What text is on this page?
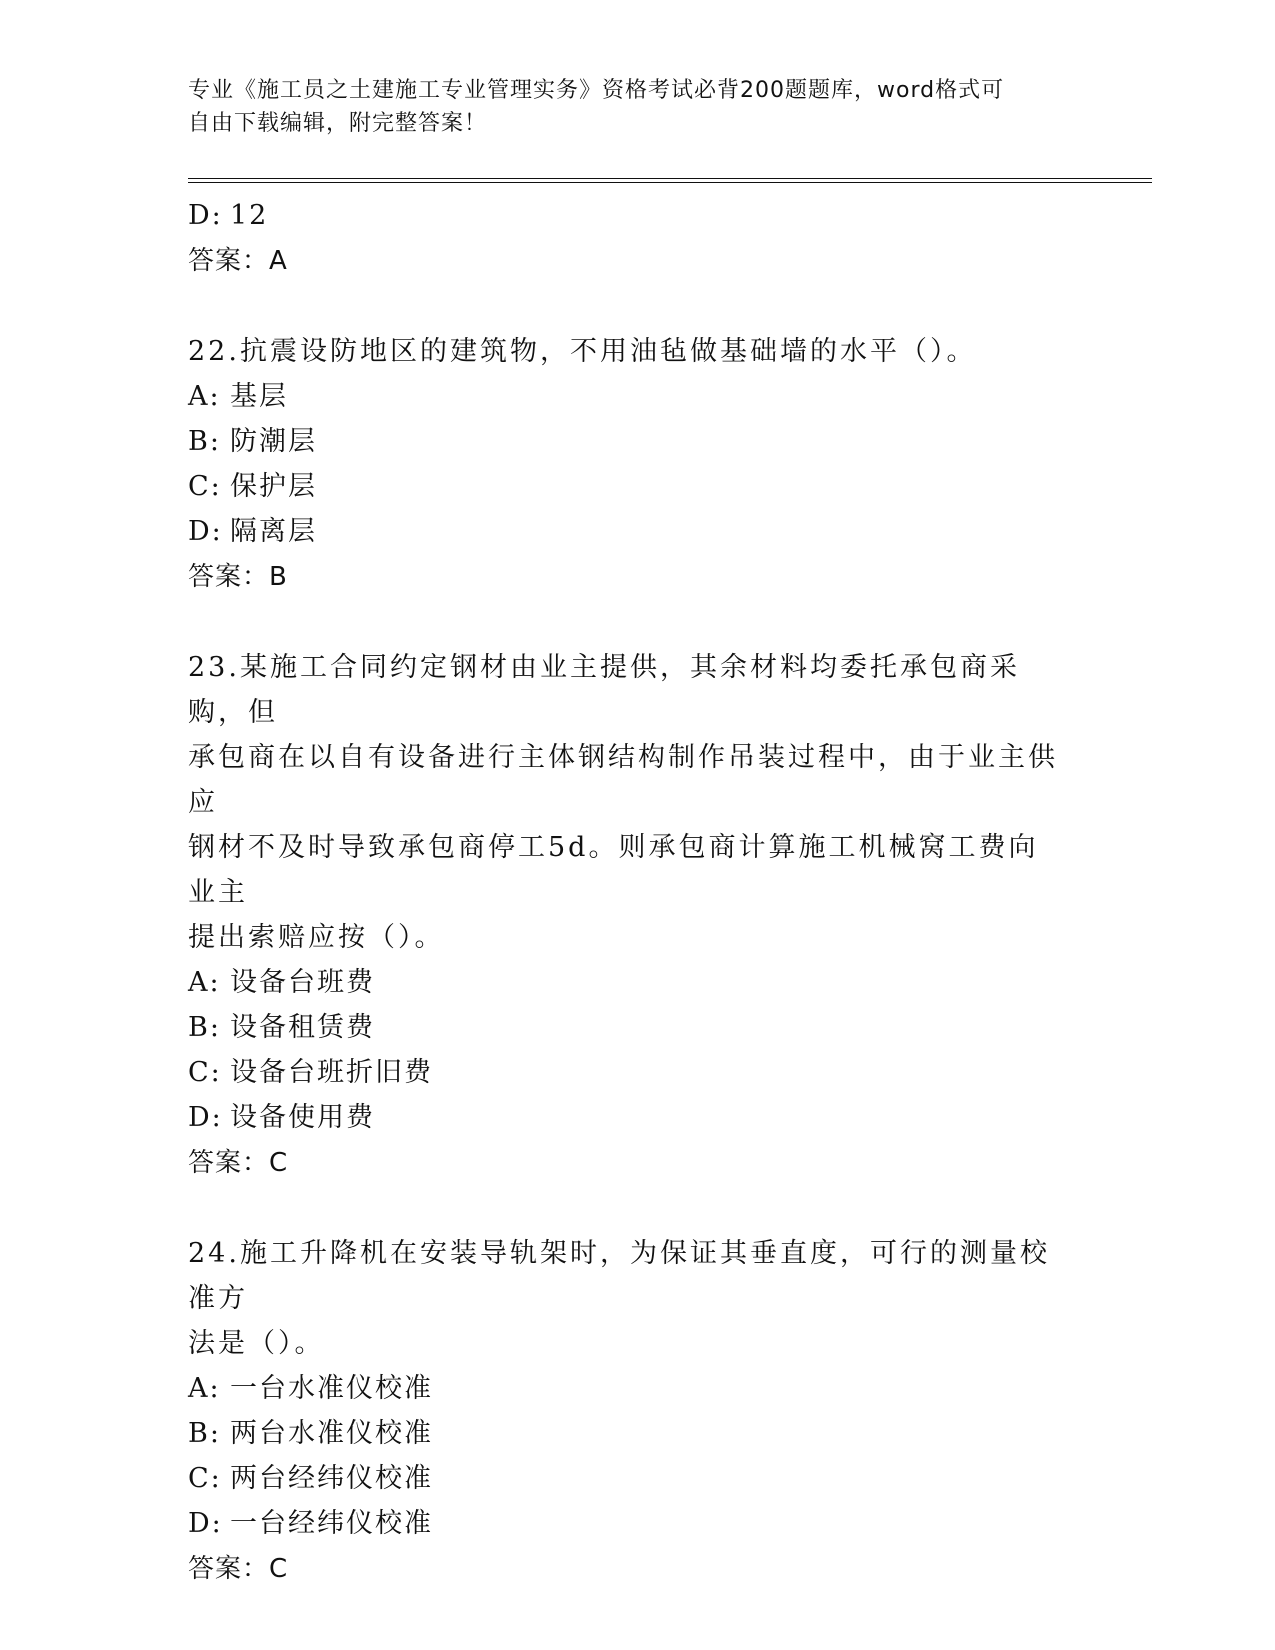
专业《施工员之土建施工专业管理实务》资格考试必背200题题库，word格式可
自由下载编辑，附完整答案！
D: 12
答案：A
22.抗震设防地区的建筑物，不用油毡做基础墙的水平（）。
A: 基层
B: 防潮层
C: 保护层
D: 隔离层
答案：B
23.某施工合同约定钢材由业主提供，其余材料均委托承包商采购，但
承包商在以自有设备进行主体钢结构制作吊装过程中，由于业主供应
钢材不及时导致承包商停工5d。则承包商计算施工机械窝工费向业主
提出索赔应按（）。
A: 设备台班费
B: 设备租赁费
C: 设备台班折旧费
D: 设备使用费
答案：C
24.施工升降机在安装导轨架时，为保证其垂直度，可行的测量校准方
法是（）。
A: 一台水准仪校准
B: 两台水准仪校准
C: 两台经纬仪校准
D: 一台经纬仪校准
答案：C
